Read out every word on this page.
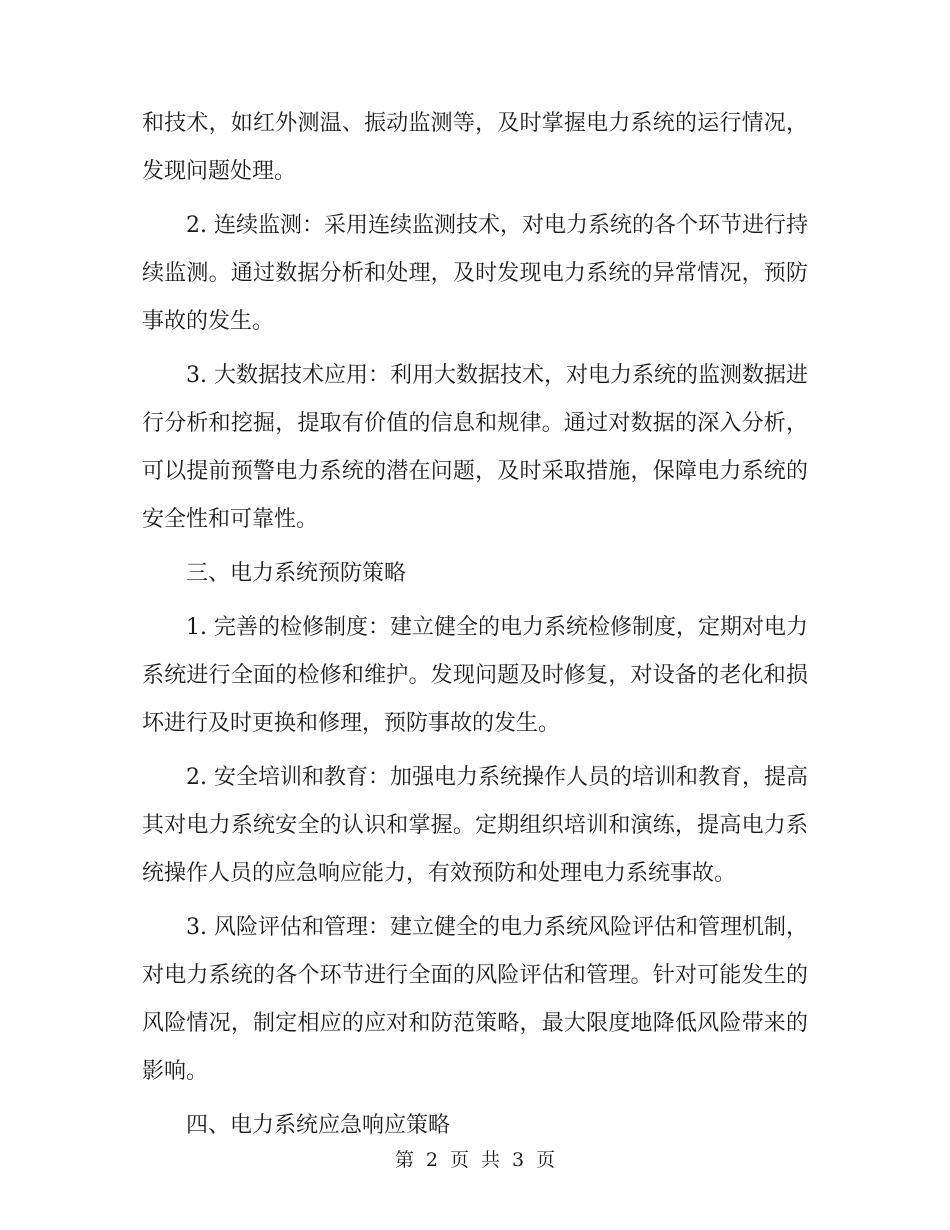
和技术，如红外测温、振动监测等，及时掌握电力系统的运行情况，发现问题处理。

2. 连续监测：采用连续监测技术，对电力系统的各个环节进行持续监测。通过数据分析和处理，及时发现电力系统的异常情况，预防事故的发生。

3. 大数据技术应用：利用大数据技术，对电力系统的监测数据进行分析和挖掘，提取有价值的信息和规律。通过对数据的深入分析，可以提前预警电力系统的潜在问题，及时采取措施，保障电力系统的安全性和可靠性。

三、电力系统预防策略

1. 完善的检修制度：建立健全的电力系统检修制度，定期对电力系统进行全面的检修和维护。发现问题及时修复，对设备的老化和损坏进行及时更换和修理，预防事故的发生。

2. 安全培训和教育：加强电力系统操作人员的培训和教育，提高其对电力系统安全的认识和掌握。定期组织培训和演练，提高电力系统操作人员的应急响应能力，有效预防和处理电力系统事故。

3. 风险评估和管理：建立健全的电力系统风险评估和管理机制，对电力系统的各个环节进行全面的风险评估和管理。针对可能发生的风险情况，制定相应的应对和防范策略，最大限度地降低风险带来的影响。

四、电力系统应急响应策略

第 2 页 共 3 页
